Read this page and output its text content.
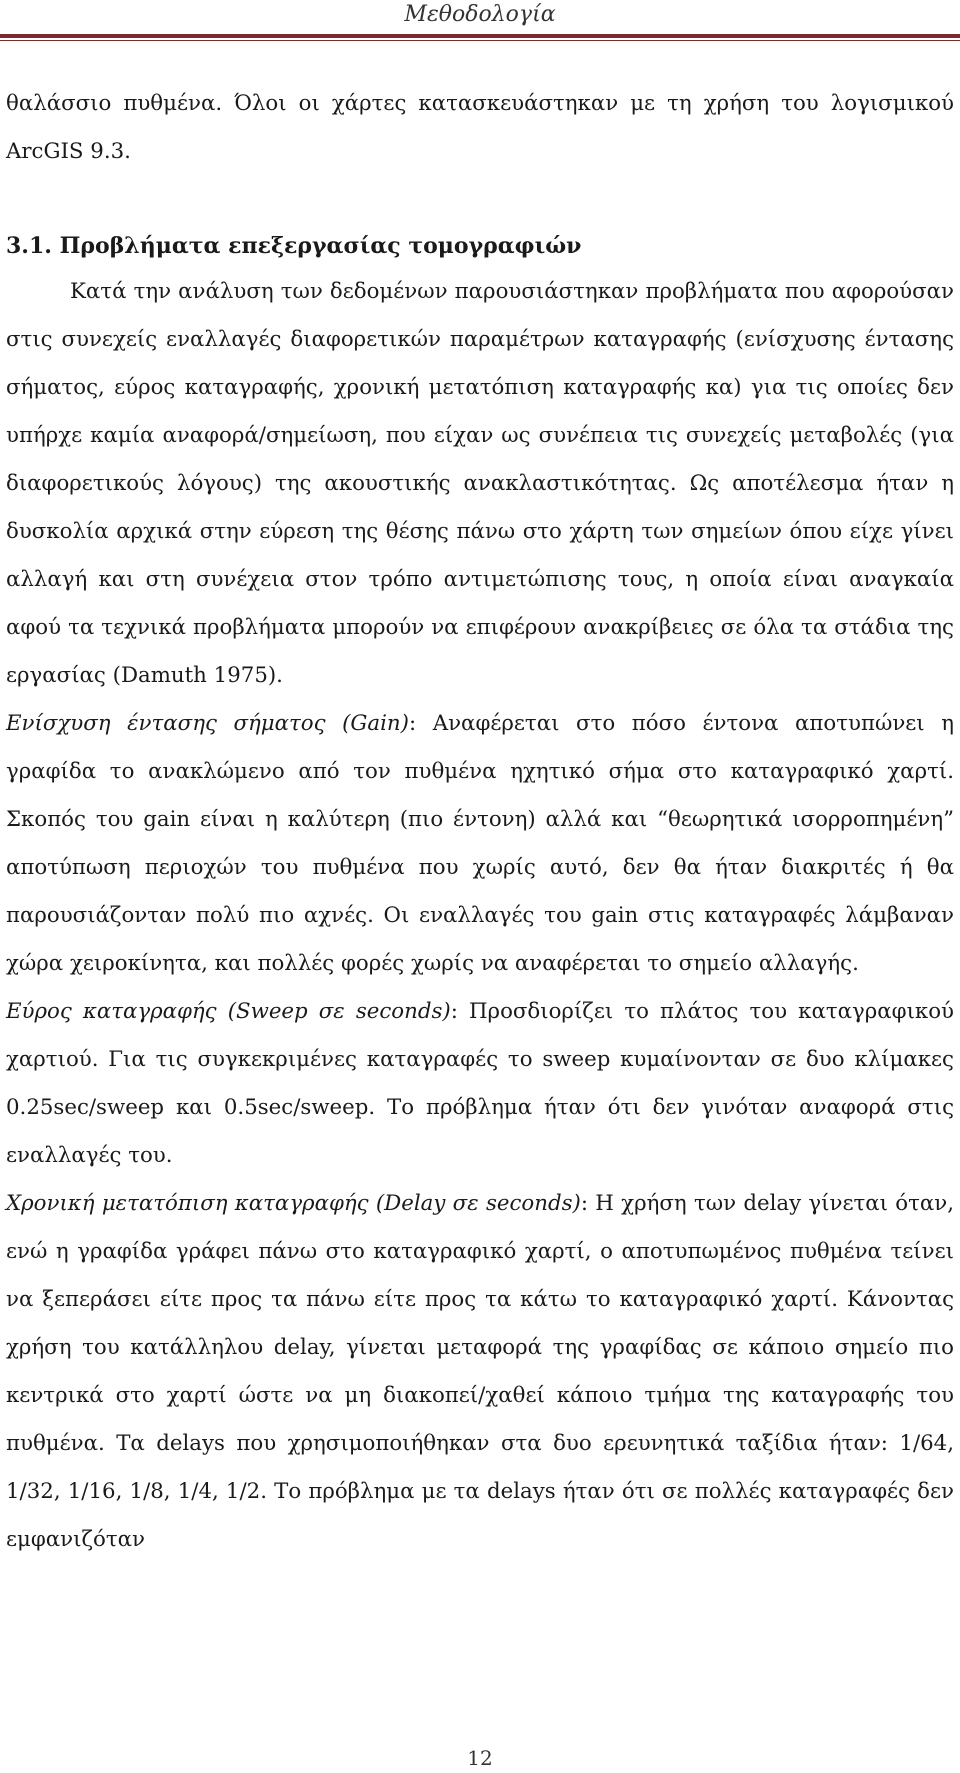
Μεθοδολογία

θαλάσσιο πυθμένα. Όλοι οι χάρτες κατασκευάστηκαν με τη χρήση του λογισμικού ArcGIS 9.3.

3.1. Προβλήματα επεξεργασίας τομογραφιών

Κατά την ανάλυση των δεδομένων παρουσιάστηκαν προβλήματα που αφορούσαν στις συνεχείς εναλλαγές διαφορετικών παραμέτρων καταγραφής (ενίσχυσης έντασης σήματος, εύρος καταγραφής, χρονική μετατόπιση καταγραφής κα) για τις οποίες δεν υπήρχε καμία αναφορά/σημείωση, που είχαν ως συνέπεια τις συνεχείς μεταβολές (για διαφορετικούς λόγους) της ακουστικής ανακλαστικότητας. Ως αποτέλεσμα ήταν η δυσκολία αρχικά στην εύρεση της θέσης πάνω στο χάρτη των σημείων όπου είχε γίνει αλλαγή και στη συνέχεια στον τρόπο αντιμετώπισης τους, η οποία είναι αναγκαία αφού τα τεχνικά προβλήματα μπορούν να επιφέρουν ανακρίβειες σε όλα τα στάδια της εργασίας (Damuth 1975).

Ενίσχυση έντασης σήματος (Gain): Αναφέρεται στο πόσο έντονα αποτυπώνει η γραφίδα το ανακλώμενο από τον πυθμένα ηχητικό σήμα στο καταγραφικό χαρτί. Σκοπός του gain είναι η καλύτερη (πιο έντονη) αλλά και “θεωρητικά ισορροπημένη” αποτύπωση περιοχών του πυθμένα που χωρίς αυτό, δεν θα ήταν διακριτές ή θα παρουσιάζονταν πολύ πιο αχνές. Οι εναλλαγές του gain στις καταγραφές λάμβαναν χώρα χειροκίνητα, και πολλές φορές χωρίς να αναφέρεται το σημείο αλλαγής.

Εύρος καταγραφής (Sweep σε seconds): Προσδιορίζει το πλάτος του καταγραφικού χαρτιού. Για τις συγκεκριμένες καταγραφές το sweep κυμαίνονταν σε δυο κλίμακες 0.25sec/sweep και 0.5sec/sweep. Το πρόβλημα ήταν ότι δεν γινόταν αναφορά στις εναλλαγές του.

Χρονική μετατόπιση καταγραφής (Delay σε seconds): Η χρήση των delay γίνεται όταν, ενώ η γραφίδα γράφει πάνω στο καταγραφικό χαρτί, ο αποτυπωμένος πυθμένα τείνει να ξεπεράσει είτε προς τα πάνω είτε προς τα κάτω το καταγραφικό χαρτί. Κάνοντας χρήση του κατάλληλου delay, γίνεται μεταφορά της γραφίδας σε κάποιο σημείο πιο κεντρικά στο χαρτί ώστε να μη διακοπεί/χαθεί κάποιο τμήμα της καταγραφής του πυθμένα. Τα delays που χρησιμοποιήθηκαν στα δυο ερευνητικά ταξίδια ήταν: 1/64, 1/32, 1/16, 1/8, 1/4, 1/2. Το πρόβλημα με τα delays ήταν ότι σε πολλές καταγραφές δεν εμφανιζόταν

12
